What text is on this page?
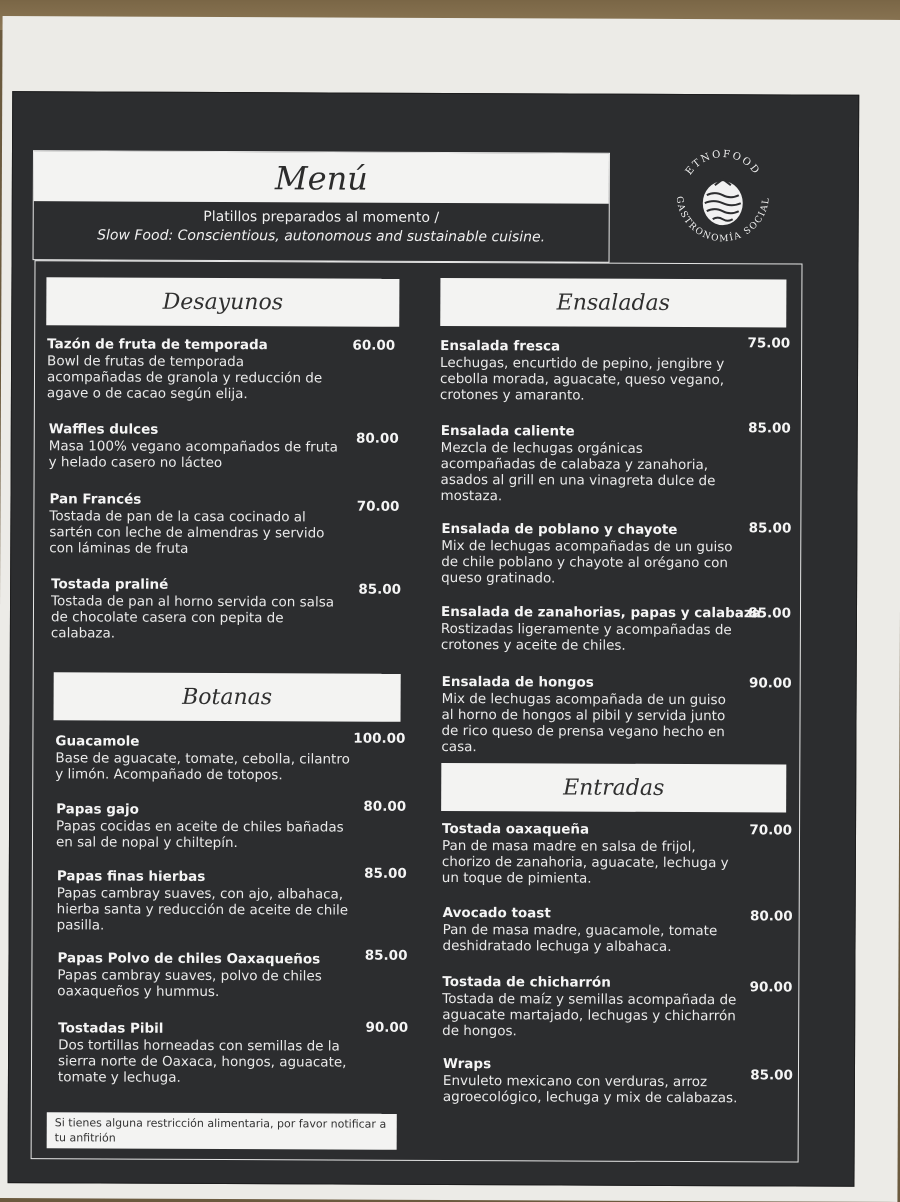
Menú
Platillos preparados al momento /
Slow Food: Conscientious, autonomous and sustainable cuisine.
ETNOFOOD
GASTRONOMÍA SOCIAL
Desayunos
Tazón de fruta de temporada
Bowl de frutas de temporada acompañadas de granola y reducción de agave o de cacao según elija.
60.00
Waffles dulces
Masa 100% vegano acompañados de fruta y helado casero no lácteo
80.00
Pan Francés
Tostada de pan de la casa cocinado al sartén con leche de almendras y servido con láminas de fruta
70.00
Tostada praliné
Tostada de pan al horno servida con salsa de chocolate casera con pepita de calabaza.
85.00
Botanas
Guacamole
Base de aguacate, tomate, cebolla, cilantro y limón. Acompañado de totopos.
100.00
Papas gajo
Papas cocidas en aceite de chiles bañadas en sal de nopal y chiltepín.
80.00
Papas finas hierbas
Papas cambray suaves, con ajo, albahaca, hierba santa y reducción de aceite de chile pasilla.
85.00
Papas Polvo de chiles Oaxaqueños
Papas cambray suaves, polvo de chiles oaxaqueños y hummus.
85.00
Tostadas Pibil
Dos tortillas horneadas con semillas de la sierra norte de Oaxaca, hongos, aguacate, tomate y lechuga.
90.00
Ensaladas
Ensalada fresca
Lechugas, encurtido de pepino, jengibre y cebolla morada, aguacate, queso vegano, crotones y amaranto.
75.00
Ensalada caliente
Mezcla de lechugas orgánicas acompañadas de calabaza y zanahoria, asados al grill en una vinagreta dulce de mostaza.
85.00
Ensalada de poblano y chayote
Mix de lechugas acompañadas de un guiso de chile poblano y chayote al orégano con queso gratinado.
85.00
Ensalada de zanahorias, papas y calabaza
Rostizadas ligeramente y acompañadas de crotones y aceite de chiles.
85.00
Ensalada de hongos
Mix de lechugas acompañada de un guiso al horno de hongos al pibil y servida junto de rico queso de prensa vegano hecho en casa.
90.00
Entradas
Tostada oaxaqueña
Pan de masa madre en salsa de frijol, chorizo de zanahoria, aguacate, lechuga y un toque de pimienta.
70.00
Avocado toast
Pan de masa madre, guacamole, tomate deshidratado lechuga y albahaca.
80.00
Tostada de chicharrón
Tostada de maíz y semillas acompañada de aguacate martajado, lechugas y chicharrón de hongos.
90.00
Wraps
Envuleto mexicano con verduras, arroz agroecológico, lechuga y mix de calabazas.
85.00
Si tienes alguna restricción alimentaria, por favor notificar a tu anfitrión
